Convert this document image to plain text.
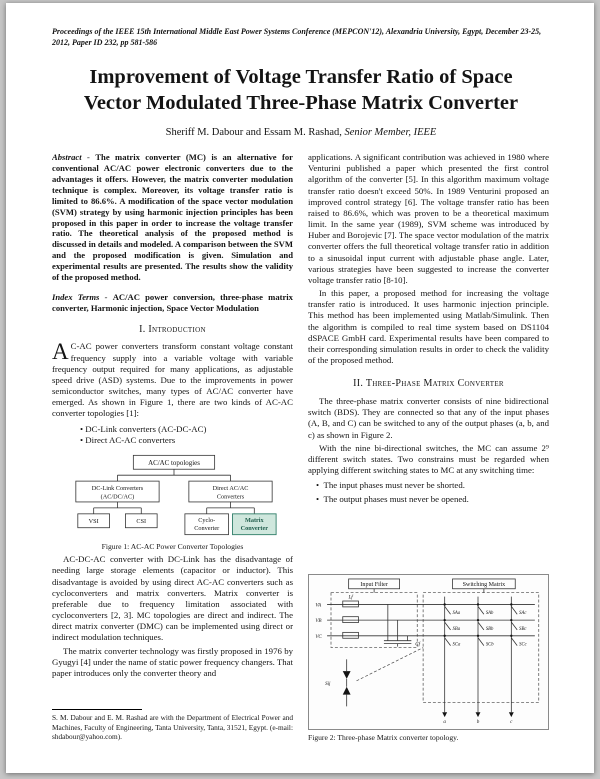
Proceedings of the IEEE 15th International Middle East Power Systems Conference (MEPCON'12), Alexandria University, Egypt, December 23-25, 2012, Paper ID 232, pp 581-586
Improvement of Voltage Transfer Ratio of Space Vector Modulated Three-Phase Matrix Converter
Sheriff M. Dabour and Essam M. Rashad, Senior Member, IEEE

Abstract - The matrix converter (MC) is an alternative for conventional AC/AC power electronic converters due to the advantages it offers. However, the matrix converter modulation technique is complex. Moreover, its voltage transfer ratio is limited to 86.6%. A modification of the space vector modulation (SVM) strategy by using harmonic injection principles has been proposed in this paper in order to increase the voltage transfer ratio. The theoretical analysis of the proposed method is discussed in details and modeled. A comparison between the SVM and the proposed modification is given. Simulation and experimental results are presented. The results show the validity of the proposed method.

Index Terms - AC/AC power conversion, three-phase matrix converter, Harmonic injection, Space Vector Modulation

I. Introduction

A C-AC power converters transform constant voltage constant frequency supply into a variable voltage with variable frequency output required for many applications, as adjustable speed drive (ASD) systems. Due to the improvements in power semiconductor switches, many types of AC/AC converter have emerged. As shown in Figure 1, there are two kinds of AC-AC converter topologies [1]:

• DC-Link converters (AC-DC-AC)
• Direct AC-AC converters
AC/AC topologies
DC-Link Converters
(AC/DC/AC)
Direct AC/AC
Converters
VSI	CSI	Cyclo-
Converter
Matrix
Converter
Figure 1: AC-AC Power Converter Topologies

AC-DC-AC converter with DC-Link has the disadvantage of needing large storage elements (capacitor or inductor). This disadvantage is avoided by using direct AC-AC converters such as cycloconverters and matrix converters. Matrix converter is preferable due to frequency limitation associated with cycloconverters [2, 3]. MC topologies are direct and indirect. The direct matrix converter (DMC) can be implemented using direct or indirect modulation techniques.

The matrix converter technology was firstly proposed in 1976 by Gyugyi [4] under the name of static power frequency changers. That paper introduces only the converter theory and

S. M. Dabour and E. M. Rashad are with the Department of Electrical Power and Machines, Faculty of Engineering, Tanta University, Tanta, 31521, Egypt. (e-mail: shdabour@yahoo.com).

applications. A significant contribution was achieved in 1980 where Venturini published a paper which presented the first control algorithm of the converter [5]. In this algorithm maximum voltage transfer ratio doesn't exceed 50%. In 1989 Venturini proposed an improved control strategy [6]. The voltage transfer ratio has been raised to 86.6%, which was proven to be a theoretical maximum limit. In the same year (1989), SVM scheme was introduced by Huber and Borojevic [7]. The space vector modulation of the matrix converter offers the full theoretical voltage transfer ratio in addition to a sinusoidal input current with adjustable phase angle. Later, various strategies have been suggested to increase the converter voltage transfer ratio [8-10].

In this paper, a proposed method for increasing the voltage transfer ratio is introduced. It uses harmonic injection principle. This method has been implemented using Matlab/Simulink. Then the algorithm is compiled to real time system based on DS1104 dSPACE GmbH card. Experimental results have been compared to their corresponding simulation results in order to check the validity of the proposed method.

II. Three-Phase Matrix Converter

The three-phase matrix converter consists of nine bidirectional switch (BDS). They are connected so that any of the input phases (A, B, and C) can be switched to any of the output phases (a, b, and c) as shown in Figure 2.

With the nine bi-directional switches, the MC can assume 2⁹ different switch states. Two constrains must be regarded when applying different switching states to MC at any switching time:

•  The input phases must never be shorted.
•  The output phases must never be opened.
Input Filter	Switching Matrix
VA
VB
VC
Lf
Cf
SAa
SBa
SCa
SAb
SBb
SCb
SAc
SBc
SCc
a	b	c
Sij
Figure 2: Three-phase Matrix converter topology.
